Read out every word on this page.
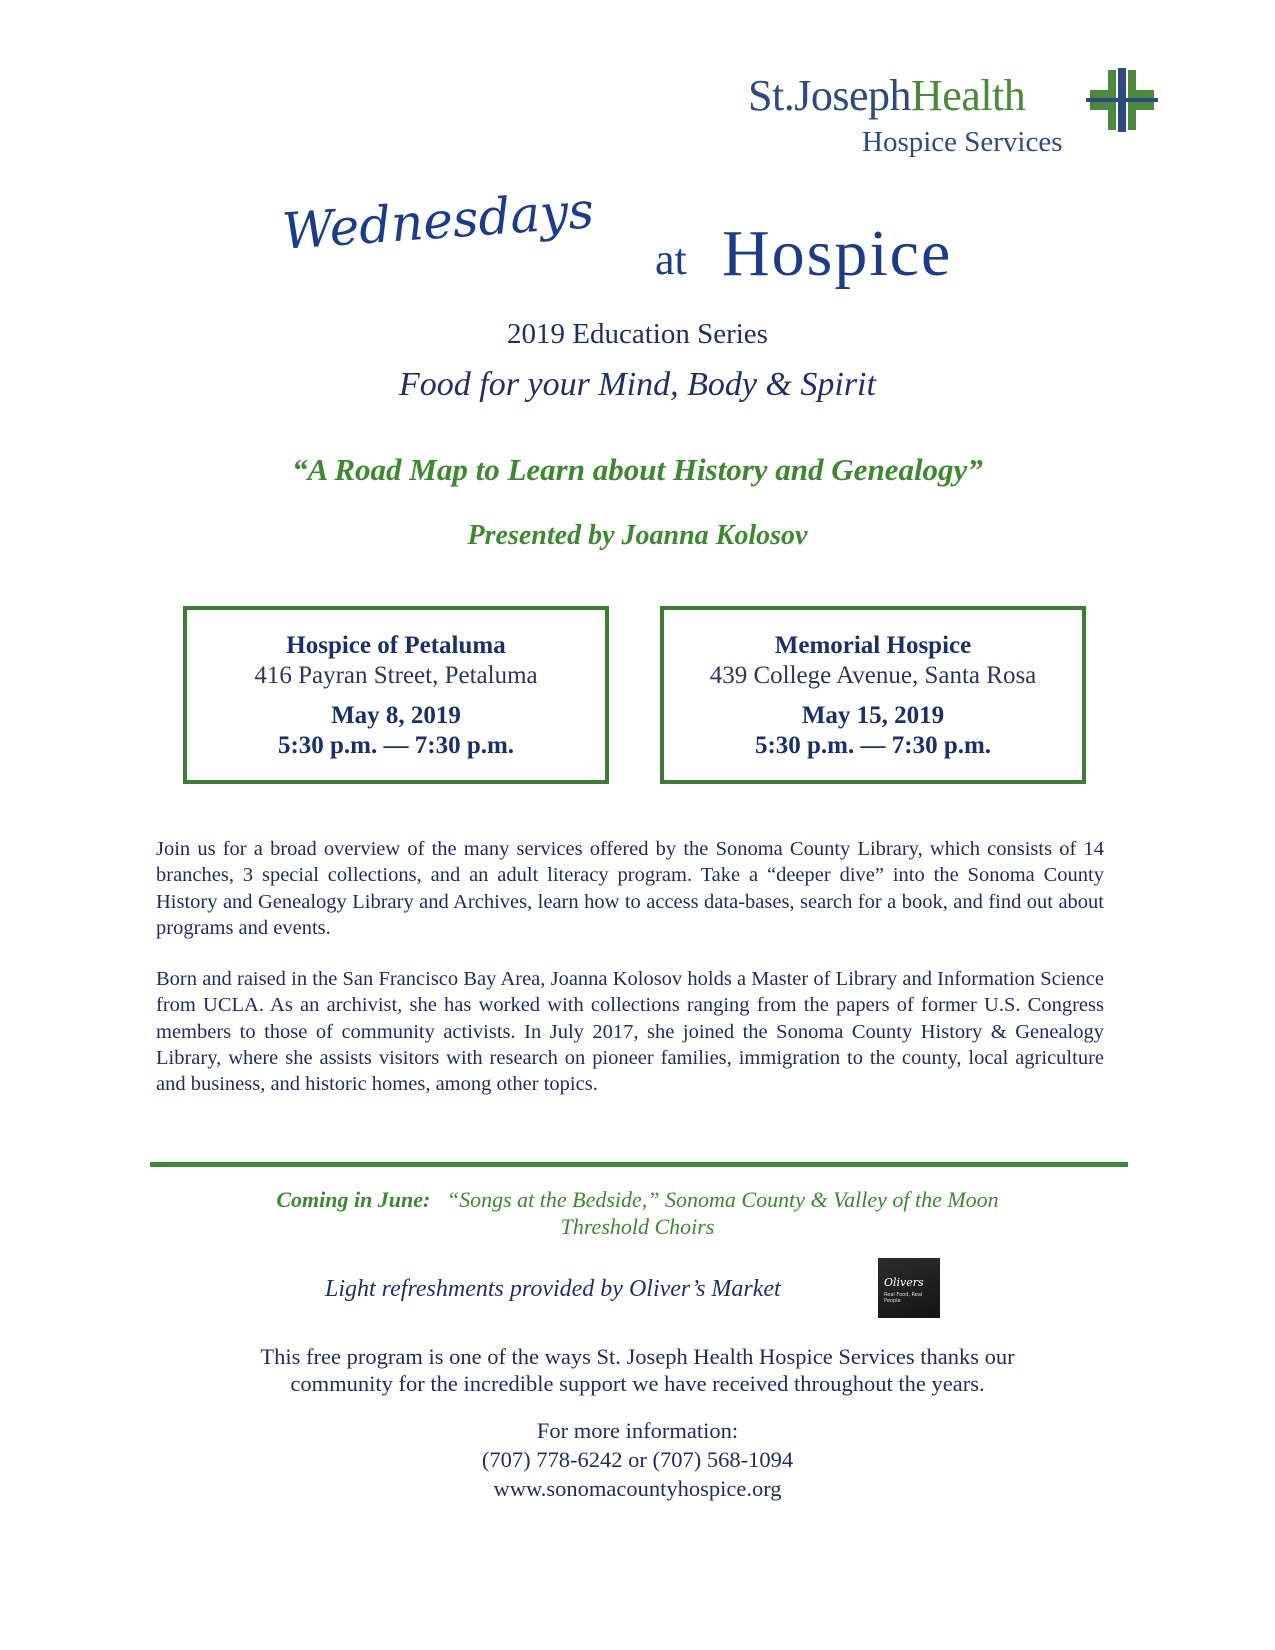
St.JosephHealth
Hospice Services
Wednesdays at Hospice
2019 Education Series
Food for your Mind, Body & Spirit
“A Road Map to Learn about History and Genealogy”
Presented by Joanna Kolosov
Hospice of Petaluma
416 Payran Street, Petaluma
May 8, 2019
5:30 p.m. — 7:30 p.m.
Memorial Hospice
439 College Avenue, Santa Rosa
May 15, 2019
5:30 p.m. — 7:30 p.m.
Join us for a broad overview of the many services offered by the Sonoma County Library, which consists of 14 branches, 3 special collections, and an adult literacy program. Take a “deeper dive” into the Sonoma County History and Genealogy Library and Archives, learn how to access data-bases, search for a book, and find out about programs and events.
Born and raised in the San Francisco Bay Area, Joanna Kolosov holds a Master of Library and Information Science from UCLA. As an archivist, she has worked with collections ranging from the papers of former U.S. Congress members to those of community activists. In July 2017, she joined the Sonoma County History & Genealogy Library, where she assists visitors with research on pioneer families, immigration to the county, local agriculture and business, and historic homes, among other topics.
Coming in June: “Songs at the Bedside,” Sonoma County & Valley of the Moon
Threshold Choirs
Light refreshments provided by Oliver’s Market	Olivers
Real Food, Real People
This free program is one of the ways St. Joseph Health Hospice Services thanks our
community for the incredible support we have received throughout the years.
For more information:
(707) 778-6242 or (707) 568-1094
www.sonomacountyhospice.org
